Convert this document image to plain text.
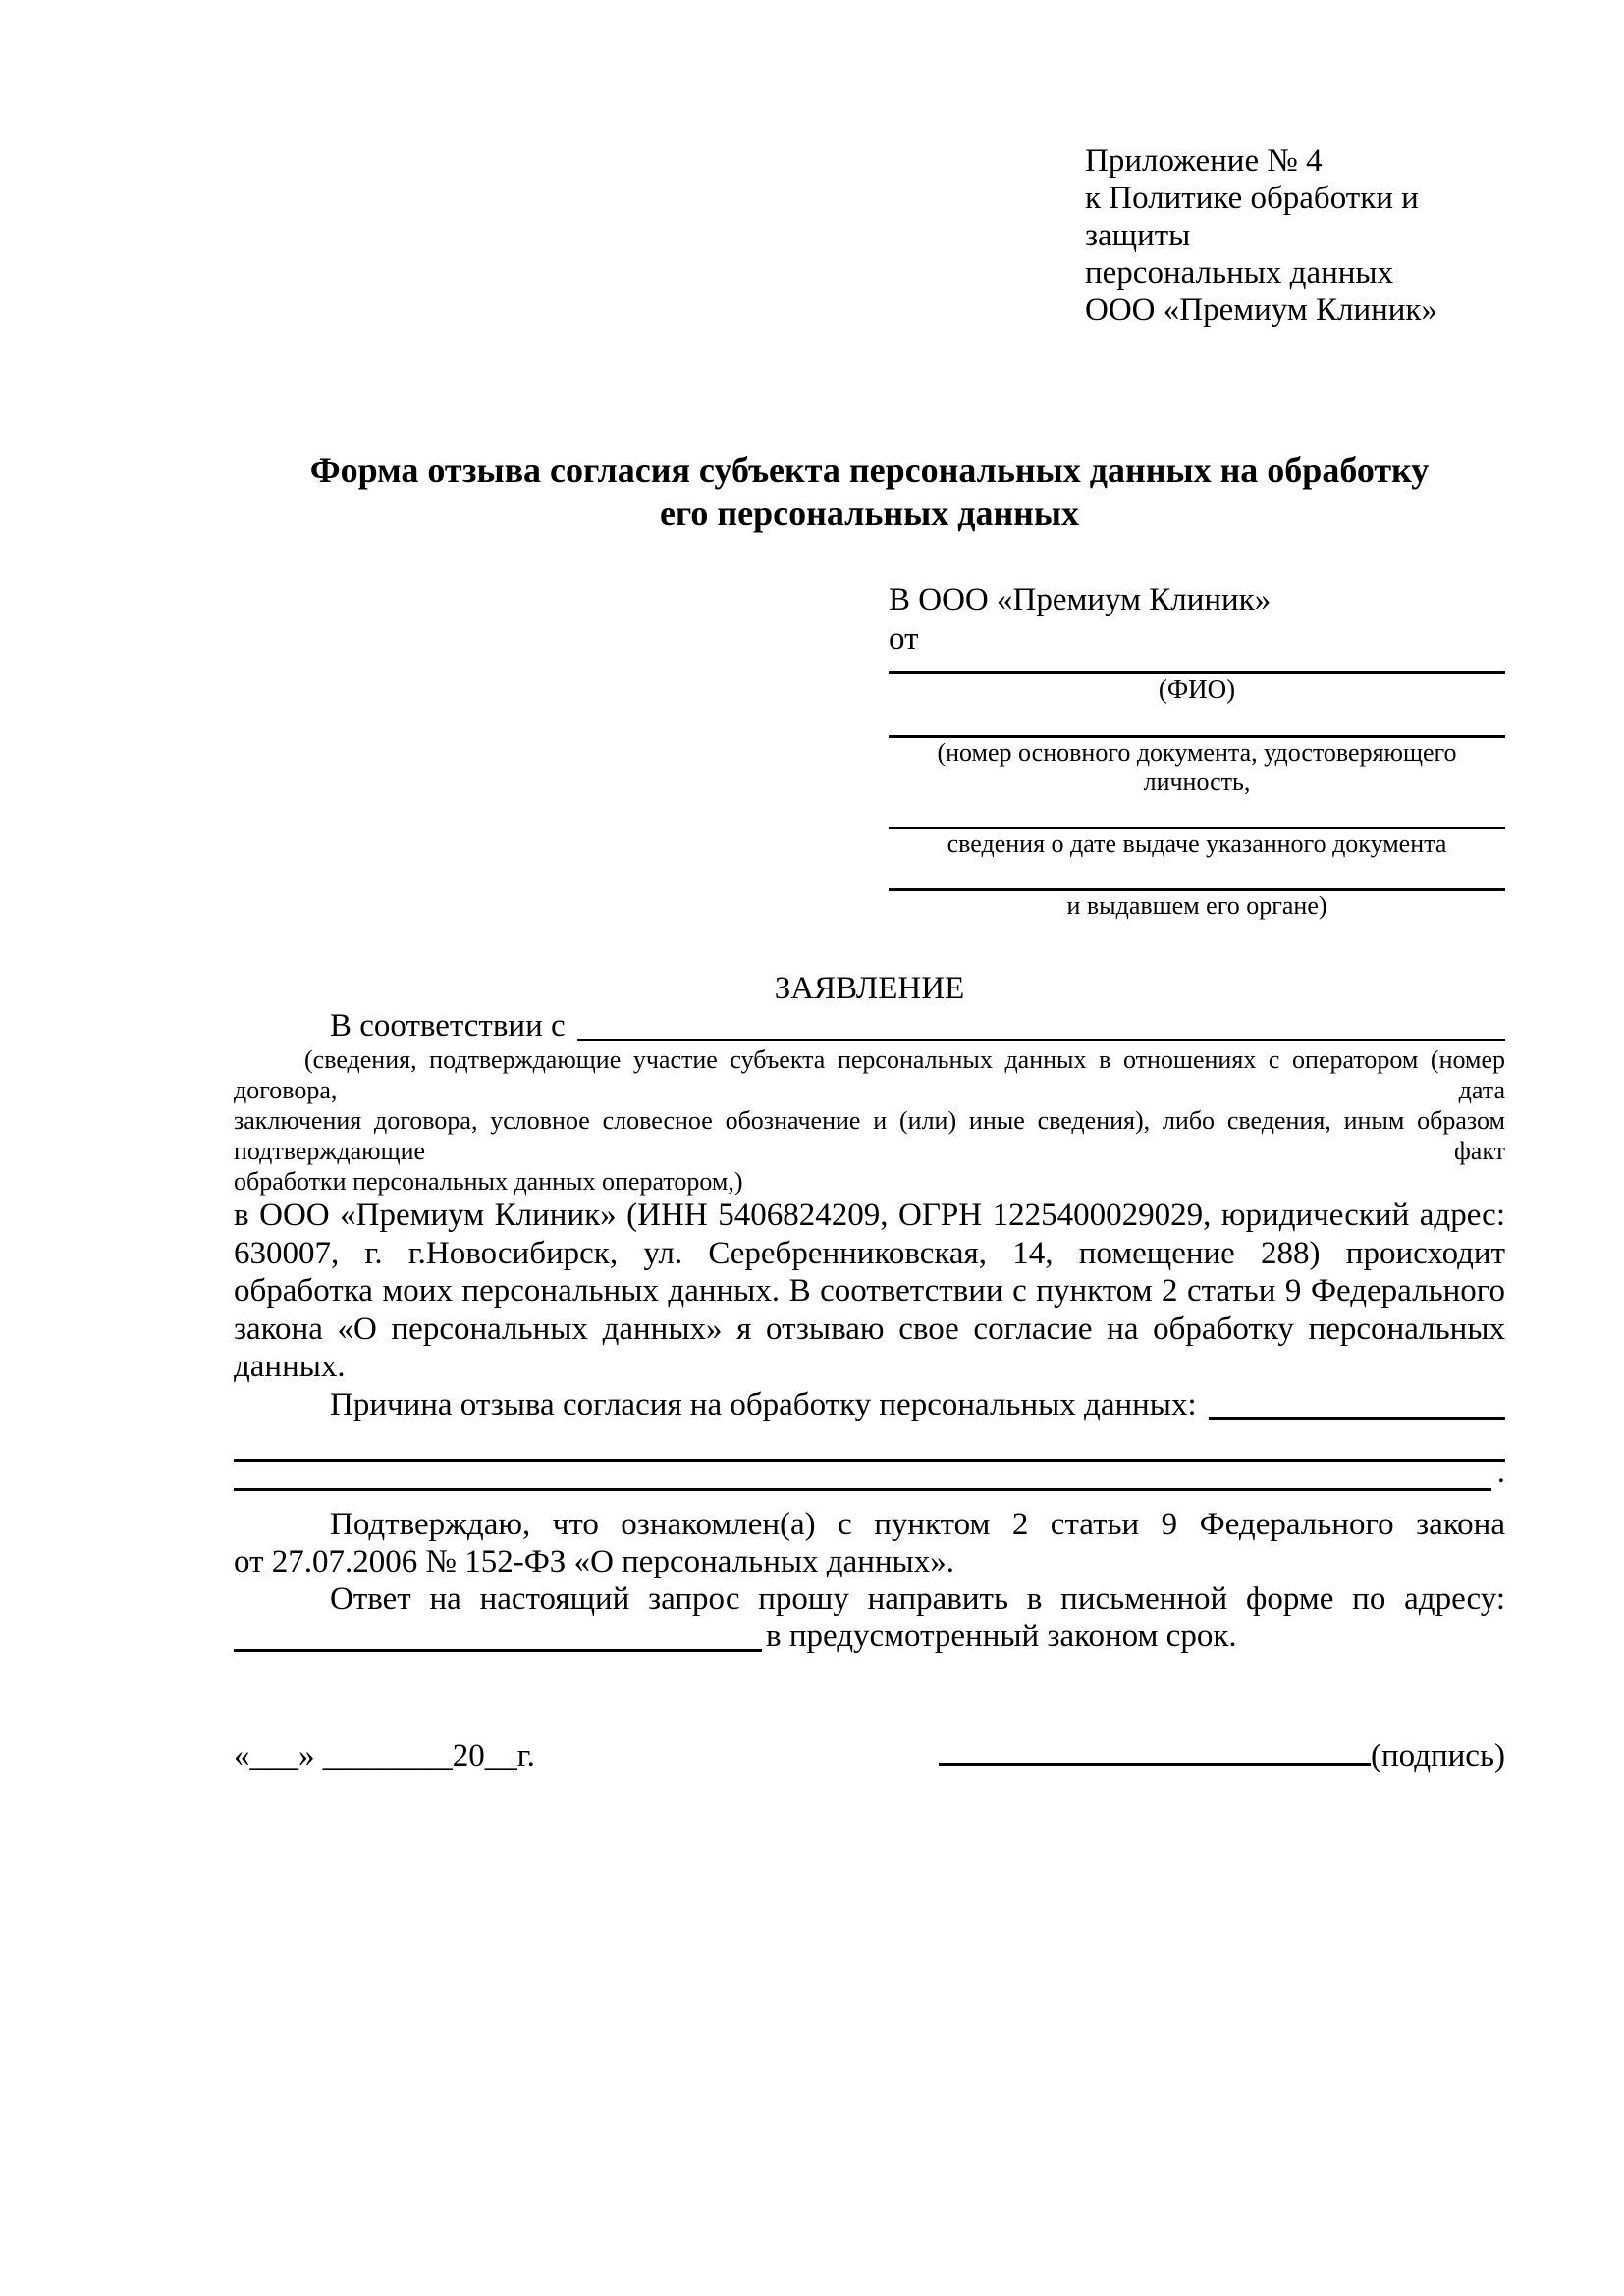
Приложение № 4
к Политике обработки и защиты
персональных данных
ООО «Премиум Клиник»
Форма отзыва согласия субъекта персональных данных на обработку
его персональных данных
В ООО «Премиум Клиник»
от
(ФИО)
(номер основного документа, удостоверяющего личность,
сведения о дате выдаче указанного документа
и выдавшем его органе)
ЗАЯВЛЕНИЕ
В соответствии с
(сведения, подтверждающие участие субъекта персональных данных в отношениях с оператором (номер договора, дата
заключения договора, условное словесное обозначение и (или) иные сведения), либо сведения, иным образом подтверждающие факт
обработки персональных данных оператором,)
в ООО «Премиум Клиник» (ИНН 5406824209, ОГРН 1225400029029, юридический адрес:
630007, г. г.Новосибирск, ул. Серебренниковская, 14, помещение 288) происходит
обработка моих персональных данных. В соответствии с пунктом 2 статьи 9 Федерального
закона «О персональных данных» я отзываю свое согласие на обработку персональных
данных.
Причина отзыва согласия на обработку персональных данных:
.
Подтверждаю, что ознакомлен(а) с пунктом 2 статьи 9 Федерального закона
от 27.07.2006 № 152-ФЗ «О персональных данных».
Ответ на настоящий запрос прошу направить в письменной форме по адресу:
в предусмотренный законом срок.
«___» ________20__г.	(подпись)
